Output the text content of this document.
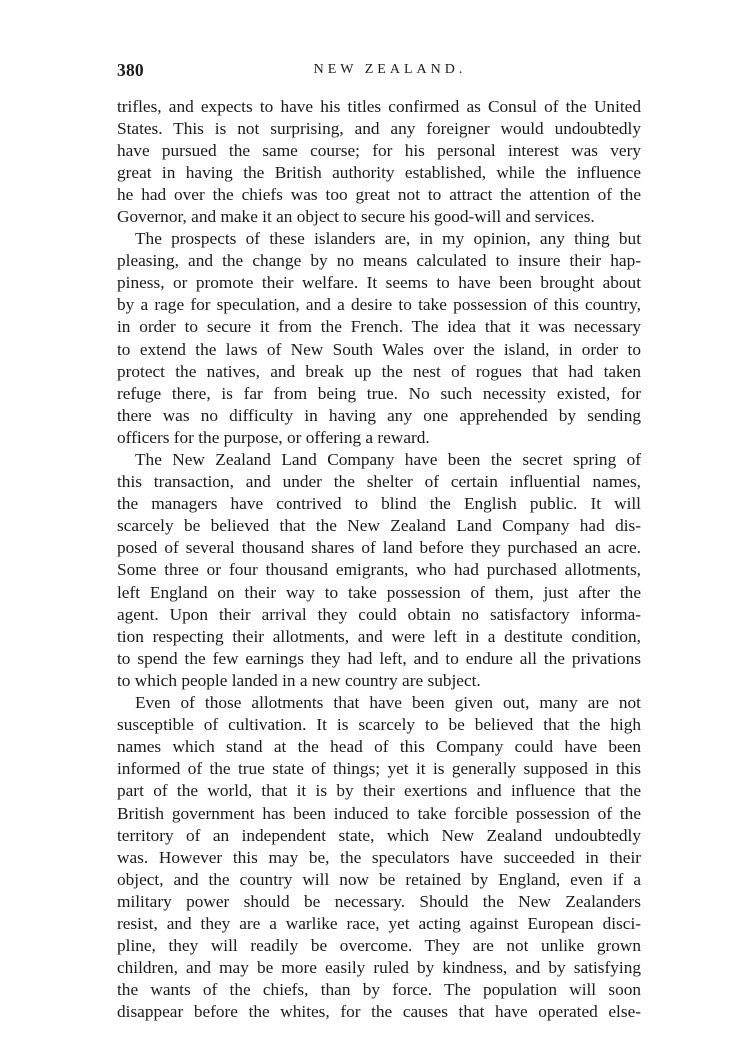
380	NEW ZEALAND.
trifles, and expects to have his titles confirmed as Consul of the United
States. This is not surprising, and any foreigner would undoubtedly
have pursued the same course; for his personal interest was very
great in having the British authority established, while the influence
he had over the chiefs was too great not to attract the attention of the
Governor, and make it an object to secure his good-will and services.
The prospects of these islanders are, in my opinion, any thing but
pleasing, and the change by no means calculated to insure their hap-
piness, or promote their welfare. It seems to have been brought about
by a rage for speculation, and a desire to take possession of this country,
in order to secure it from the French. The idea that it was necessary
to extend the laws of New South Wales over the island, in order to
protect the natives, and break up the nest of rogues that had taken
refuge there, is far from being true. No such necessity existed, for
there was no difficulty in having any one apprehended by sending
officers for the purpose, or offering a reward.
The New Zealand Land Company have been the secret spring of
this transaction, and under the shelter of certain influential names,
the managers have contrived to blind the English public. It will
scarcely be believed that the New Zealand Land Company had dis-
posed of several thousand shares of land before they purchased an acre.
Some three or four thousand emigrants, who had purchased allotments,
left England on their way to take possession of them, just after the
agent. Upon their arrival they could obtain no satisfactory informa-
tion respecting their allotments, and were left in a destitute condition,
to spend the few earnings they had left, and to endure all the privations
to which people landed in a new country are subject.
Even of those allotments that have been given out, many are not
susceptible of cultivation. It is scarcely to be believed that the high
names which stand at the head of this Company could have been
informed of the true state of things; yet it is generally supposed in this
part of the world, that it is by their exertions and influence that the
British government has been induced to take forcible possession of the
territory of an independent state, which New Zealand undoubtedly
was. However this may be, the speculators have succeeded in their
object, and the country will now be retained by England, even if a
military power should be necessary. Should the New Zealanders
resist, and they are a warlike race, yet acting against European disci-
pline, they will readily be overcome. They are not unlike grown
children, and may be more easily ruled by kindness, and by satisfying
the wants of the chiefs, than by force. The population will soon
disappear before the whites, for the causes that have operated else-
